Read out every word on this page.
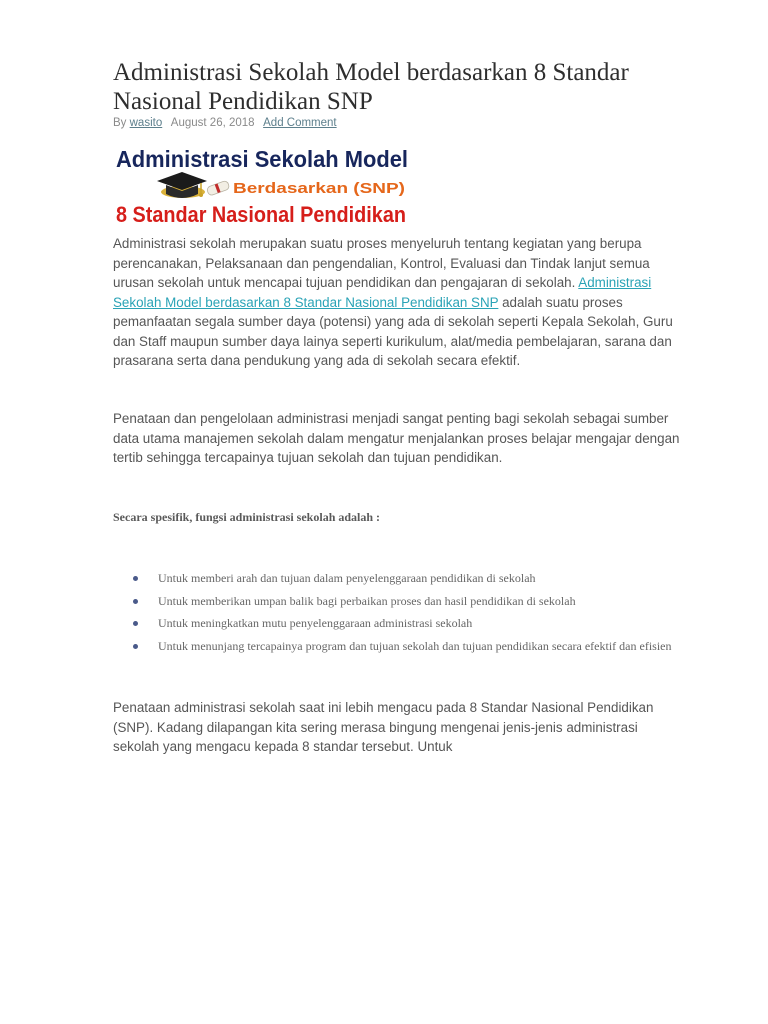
Administrasi Sekolah Model berdasarkan 8 Standar Nasional Pendidikan SNP
By wasito August 26, 2018 Add Comment
Administrasi Sekolah Model
Berdasarkan (SNP)
8 Standar Nasional Pendidikan

Administrasi sekolah merupakan suatu proses menyeluruh tentang kegiatan yang berupa perencanakan, Pelaksanaan dan pengendalian, Kontrol, Evaluasi dan Tindak lanjut semua urusan sekolah untuk mencapai tujuan pendidikan dan pengajaran di sekolah. Administrasi Sekolah Model berdasarkan 8 Standar Nasional Pendidikan SNP adalah suatu proses pemanfaatan segala sumber daya (potensi) yang ada di sekolah seperti Kepala Sekolah, Guru dan Staff maupun sumber daya lainya seperti kurikulum, alat/media pembelajaran, sarana dan prasarana serta dana pendukung yang ada di sekolah secara efektif.

Penataan dan pengelolaan administrasi menjadi sangat penting bagi sekolah sebagai sumber data utama manajemen sekolah dalam mengatur menjalankan proses belajar mengajar dengan tertib sehingga tercapainya tujuan sekolah dan tujuan pendidikan.

Secara spesifik, fungsi administrasi sekolah adalah :

Untuk memberi arah dan tujuan dalam penyelenggaraan pendidikan di sekolah
Untuk memberikan umpan balik bagi perbaikan proses dan hasil pendidikan di sekolah
Untuk meningkatkan mutu penyelenggaraan administrasi sekolah
Untuk menunjang tercapainya program dan tujuan sekolah dan tujuan pendidikan secara efektif dan efisien

Penataan administrasi sekolah saat ini lebih mengacu pada 8 Standar Nasional Pendidikan (SNP). Kadang dilapangan kita sering merasa bingung mengenai jenis-jenis administrasi sekolah yang mengacu kepada 8 standar tersebut. Untuk
